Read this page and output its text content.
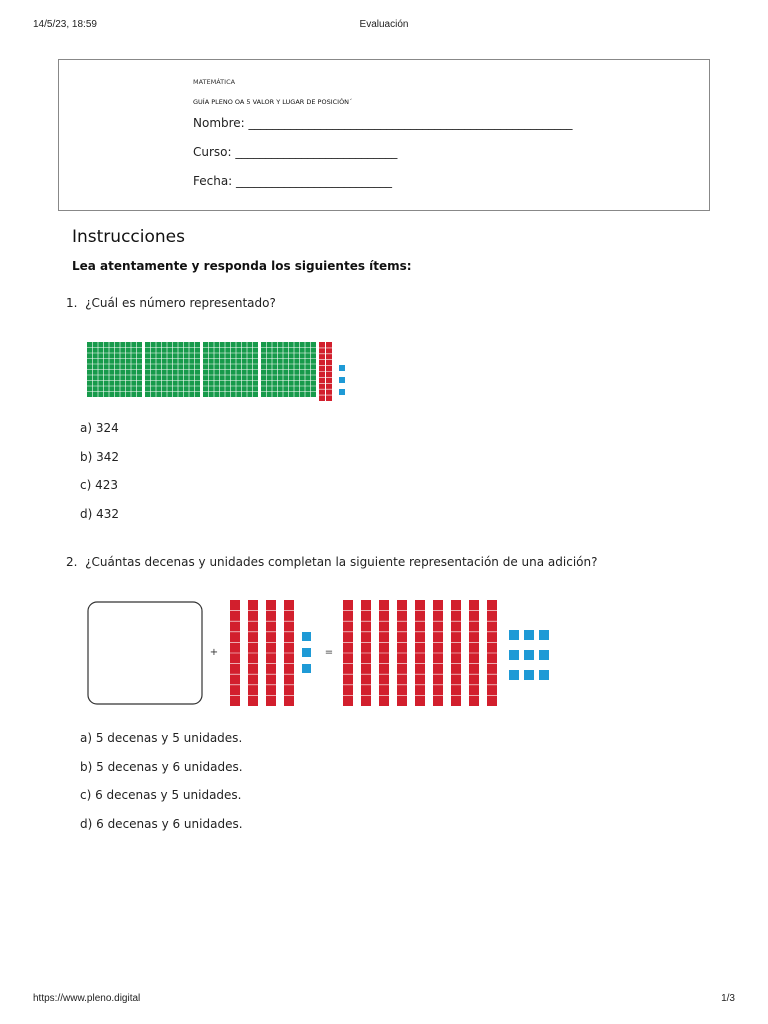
14/5/23, 18:59	Evaluación
MATEMÁTICA
GUÍA PLENO OA 5 VALOR Y LUGAR DE POSICIÓN´
Nombre: ______________________________________________________
Curso: ___________________________
Fecha: __________________________
Instrucciones
Lea atentamente y responda los siguientes ítems:
1. ¿Cuál es número representado?
a) 324
b) 342
c) 423
d) 432
2. ¿Cuántas decenas y unidades completan la siguiente representación de una adición?
+	=
a) 5 decenas y 5 unidades.
b) 5 decenas y 6 unidades.
c) 6 decenas y 5 unidades.
d) 6 decenas y 6 unidades.
https://www.pleno.digital	1/3
